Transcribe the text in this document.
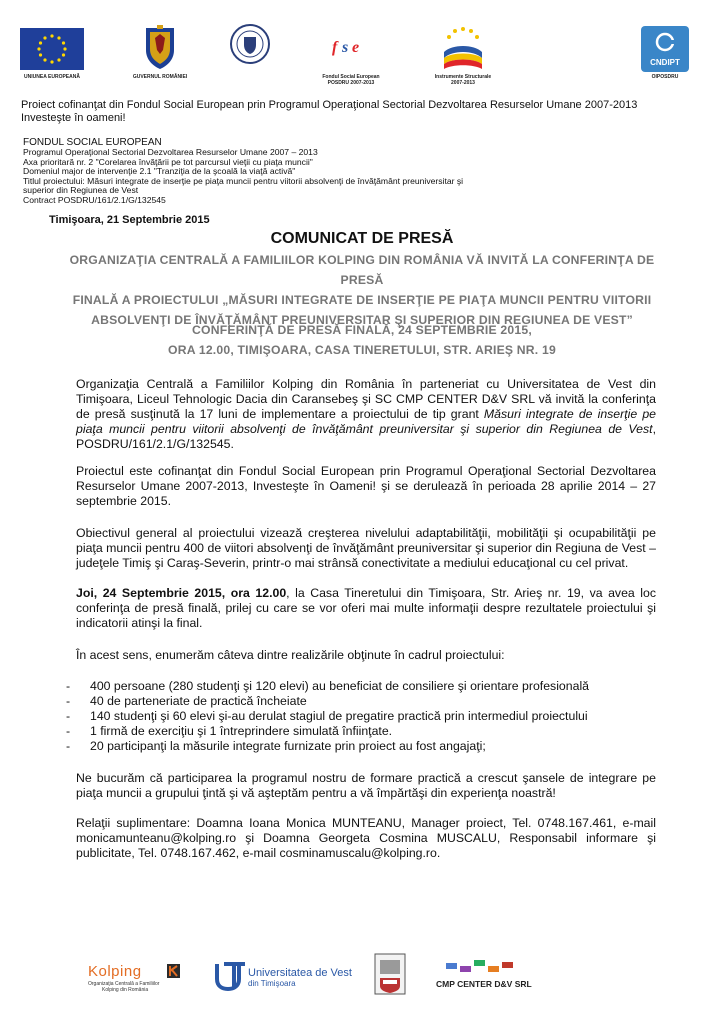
UNIUNEA EUROPEANĂ	GUVERNUL ROMÂNIEI
f s e
Fondul Social European
POSDRU 2007-2013
Instrumente Structurale
2007-2013
CNDIPT
OIPOSDRU
Proiect cofinanţat din Fondul Social European prin Programul Operaţional Sectorial Dezvoltarea Resurselor Umane 2007-2013
Investeşte în oameni!
FONDUL SOCIAL EUROPEAN
Programul Operaţional Sectorial Dezvoltarea Resurselor Umane 2007 – 2013
Axa prioritară nr. 2 "Corelarea învăţării pe tot parcursul vieţii cu piaţa muncii"
Domeniul major de intervenţie 2.1 "Tranziţia de la şcoală la viaţă activă"
Titlul proiectului: Măsuri integrate de inserţie pe piaţa muncii pentru viitorii absolvenţi de învăţământ preuniversitar şi
superior din Regiunea de Vest
Contract POSDRU/161/2.1/G/132545
Timişoara, 21 Septembrie 2015
COMUNICAT DE PRESĂ
ORGANIZAŢIA CENTRALĂ A FAMILIILOR KOLPING DIN ROMÂNIA VĂ INVITĂ LA CONFERINŢA DE PRESĂ
FINALĂ A PROIECTULUI „MĂSURI INTEGRATE DE INSERŢIE PE PIAŢA MUNCII PENTRU VIITORII
ABSOLVENŢI DE ÎNVĂŢĂMÂNT PREUNIVERSITAR ŞI SUPERIOR DIN REGIUNEA DE VEST”
CONFERINŢĂ DE PRESĂ FINALĂ, 24 SEPTEMBRIE 2015,
ORA 12.00, TIMIŞOARA, CASA TINERETULUI, STR. ARIEŞ NR. 19
Organizaţia Centrală a Familiilor Kolping din România în parteneriat cu Universitatea de Vest din Timişoara, Liceul Tehnologic Dacia din Caransebeş şi SC CMP CENTER D&V SRL vă invită la conferinţa de presă susţinută la 17 luni de implementare a proiectului de tip grant Măsuri integrate de inserţie pe piaţa muncii pentru viitorii absolvenţi de învăţământ preuniversitar şi superior din Regiunea de Vest, POSDRU/161/2.1/G/132545.
Proiectul este cofinanţat din Fondul Social European prin Programul Operaţional Sectorial Dezvoltarea Resurselor Umane 2007-2013, Investeşte în Oameni! şi se derulează în perioada 28 aprilie 2014 – 27 septembrie 2015.
Obiectivul general al proiectului vizează creşterea nivelului adaptabilităţii, mobilităţii şi ocupabilităţii pe piaţa muncii pentru 400 de viitori absolvenţi de învăţământ preuniversitar şi superior din Regiuna de Vest – judeţele Timiş şi Caraş-Severin, printr-o mai strânsă conectivitate a mediului educaţional cu cel privat.
Joi, 24 Septembrie 2015, ora 12.00, la Casa Tineretului din Timişoara, Str. Arieş nr. 19, va avea loc conferinţa de presă finală, prilej cu care se vor oferi mai multe informaţii despre rezultatele proiectului şi indicatorii atinşi la final.
În acest sens, enumerăm câteva dintre realizările obţinute în cadrul proiectului:
- 400 persoane (280 studenţi şi 120 elevi) au beneficiat de consiliere şi orientare profesională
- 40 de parteneriate de practică încheiate
- 140 studenţi şi 60 elevi şi-au derulat stagiul de pregatire practică prin intermediul proiectului
- 1 firmă de exerciţiu şi 1 întreprindere simulată înfiinţate.
- 20 participanţi la măsurile integrate furnizate prin proiect au fost angajaţi;
Ne bucurăm că participarea la programul nostru de formare practică a crescut şansele de integrare pe piaţa muncii a grupului ţintă şi vă aşteptăm pentru a vă împărtăşi din experienţa noastră!
Relaţii suplimentare: Doamna Ioana Monica MUNTEANU, Manager proiect, Tel. 0748.167.461, e-mail monicamunteanu@kolping.ro şi Doamna Georgeta Cosmina MUSCALU, Responsabil informare şi publicitate, Tel. 0748.167.462, e-mail cosminamuscalu@kolping.ro.
Kolping
Organizaţia Centrală a Familiilor
Kolping din România
Universitatea de Vest
din Timişoara	CMP CENTER D&V SRL
